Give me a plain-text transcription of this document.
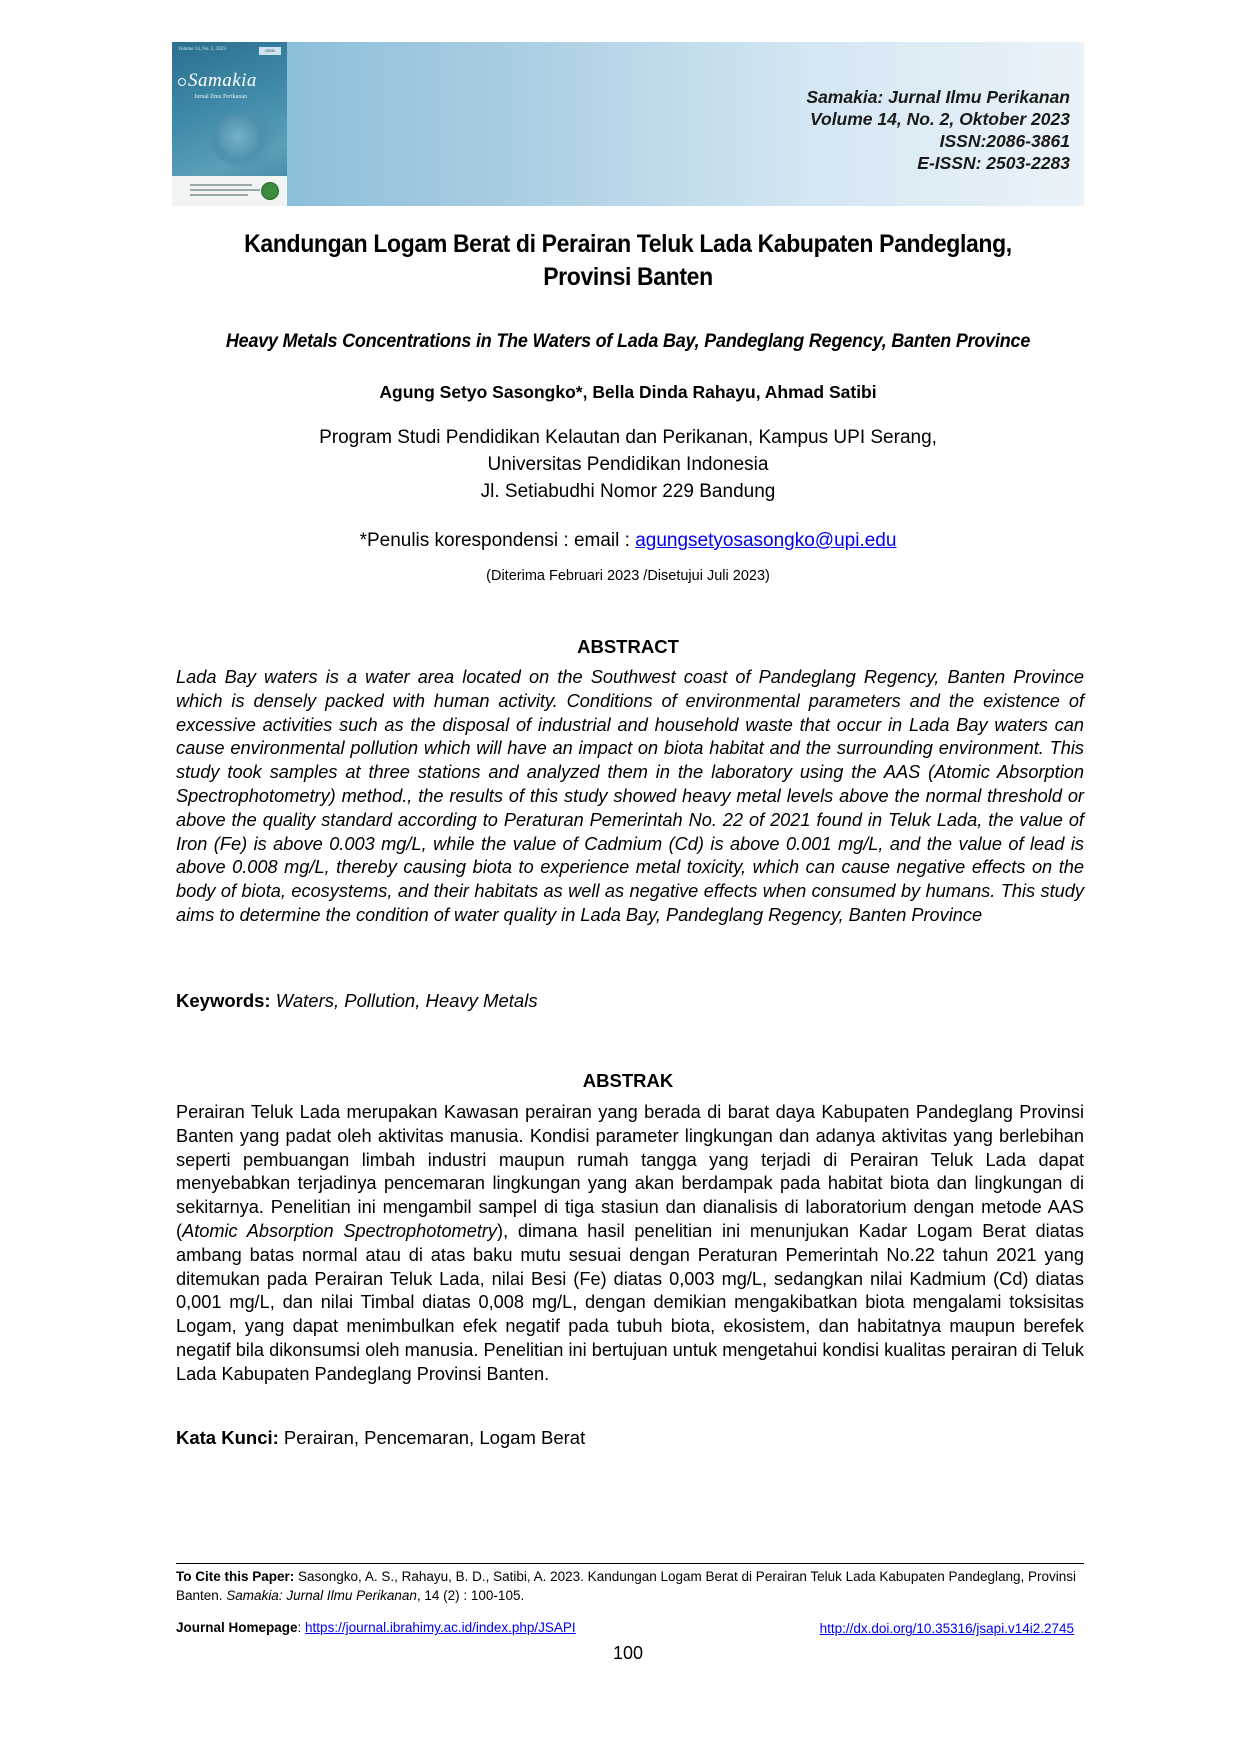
Volume 14, No. 2, 2023	ISSN
Samakia
Jurnal Ilmu Perikanan	Samakia: Jurnal Ilmu Perikanan
Volume 14, No. 2, Oktober 2023
ISSN:2086-3861
E-ISSN: 2503-2283
Kandungan Logam Berat di Perairan Teluk Lada Kabupaten Pandeglang,
Provinsi Banten
Heavy Metals Concentrations in The Waters of Lada Bay, Pandeglang Regency, Banten Province
Agung Setyo Sasongko*, Bella Dinda Rahayu, Ahmad Satibi
Program Studi Pendidikan Kelautan dan Perikanan, Kampus UPI Serang,
Universitas Pendidikan Indonesia
Jl. Setiabudhi Nomor 229 Bandung
*Penulis korespondensi : email : agungsetyosasongko@upi.edu
(Diterima Februari 2023 /Disetujui Juli 2023)
ABSTRACT
Lada Bay waters is a water area located on the Southwest coast of Pandeglang Regency, Banten Province which is densely packed with human activity. Conditions of environmental parameters and the existence of excessive activities such as the disposal of industrial and household waste that occur in Lada Bay waters can cause environmental pollution which will have an impact on biota habitat and the surrounding environment. This study took samples at three stations and analyzed them in the laboratory using the AAS (Atomic Absorption Spectrophotometry) method., the results of this study showed heavy metal levels above the normal threshold or above the quality standard according to Peraturan Pemerintah No. 22 of 2021 found in Teluk Lada, the value of Iron (Fe) is above 0.003 mg/L, while the value of Cadmium (Cd) is above 0.001 mg/L, and the value of lead is above 0.008 mg/L, thereby causing biota to experience metal toxicity, which can cause negative effects on the body of biota, ecosystems, and their habitats as well as negative effects when consumed by humans. This study aims to determine the condition of water quality in Lada Bay, Pandeglang Regency, Banten Province
Keywords: Waters, Pollution, Heavy Metals
ABSTRAK
Perairan Teluk Lada merupakan Kawasan perairan yang berada di barat daya Kabupaten Pandeglang Provinsi Banten yang padat oleh aktivitas manusia. Kondisi parameter lingkungan dan adanya aktivitas yang berlebihan seperti pembuangan limbah industri maupun rumah tangga yang terjadi di Perairan Teluk Lada dapat menyebabkan terjadinya pencemaran lingkungan yang akan berdampak pada habitat biota dan lingkungan di sekitarnya. Penelitian ini mengambil sampel di tiga stasiun dan dianalisis di laboratorium dengan metode AAS (Atomic Absorption Spectrophotometry), dimana hasil penelitian ini menunjukan Kadar Logam Berat diatas ambang batas normal atau di atas baku mutu sesuai dengan Peraturan Pemerintah No.22 tahun 2021 yang ditemukan pada Perairan Teluk Lada, nilai Besi (Fe) diatas 0,003 mg/L, sedangkan nilai Kadmium (Cd) diatas 0,001 mg/L, dan nilai Timbal diatas 0,008 mg/L, dengan demikian mengakibatkan biota mengalami toksisitas Logam, yang dapat menimbulkan efek negatif pada tubuh biota, ekosistem, dan habitatnya maupun berefek negatif bila dikonsumsi oleh manusia. Penelitian ini bertujuan untuk mengetahui kondisi kualitas perairan di Teluk Lada Kabupaten Pandeglang Provinsi Banten.
Kata Kunci: Perairan, Pencemaran, Logam Berat
To Cite this Paper: Sasongko, A. S., Rahayu, B. D., Satibi, A. 2023. Kandungan Logam Berat di Perairan Teluk Lada Kabupaten Pandeglang, Provinsi Banten. Samakia: Jurnal Ilmu Perikanan, 14 (2) : 100-105.
Journal Homepage: https://journal.ibrahimy.ac.id/index.php/JSAPI	http://dx.doi.org/10.35316/jsapi.v14i2.2745
100
